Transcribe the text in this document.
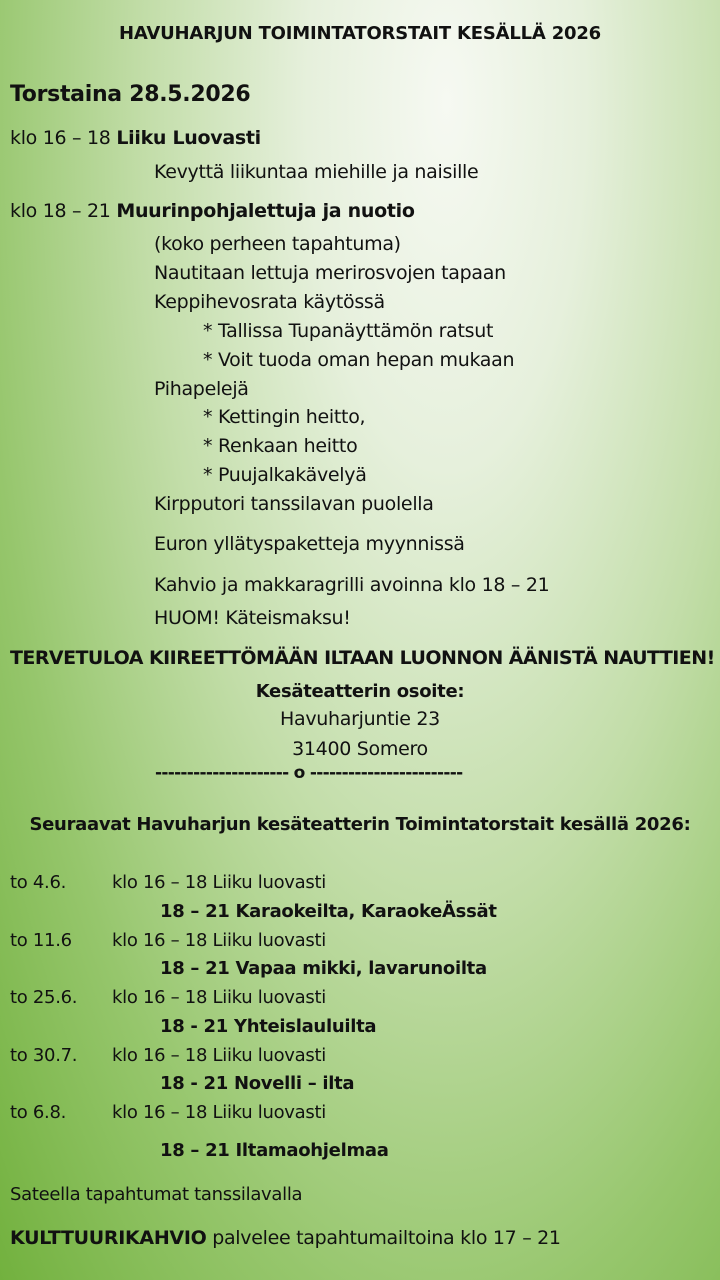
HAVUHARJUN TOIMINTATORSTAIT KESÄLLÄ 2026
Torstaina 28.5.2026
klo 16 – 18 Liiku Luovasti
Kevyttä liikuntaa miehille ja naisille
klo 18 – 21 Muurinpohjalettuja ja nuotio
(koko perheen tapahtuma)
Nautitaan lettuja merirosvojen tapaan
Keppihevosrata käytössä
* Tallissa Tupanäyttämön ratsut
* Voit tuoda oman hepan mukaan
Pihapelejä
* Kettingin heitto,
* Renkaan heitto
* Puujalkakävelyä
Kirpputori tanssilavan puolella
Euron yllätyspaketteja myynnissä
Kahvio ja makkaragrilli avoinna klo 18 – 21
HUOM! Käteismaksu!
TERVETULOA KIIREETTÖMÄÄN ILTAAN LUONNON ÄÄNISTÄ NAUTTIEN!
Kesäteatterin osoite:
Havuharjuntie 23
31400 Somero
--------------------- o ------------------------
Seuraavat Havuharjun kesäteatterin Toimintatorstait kesällä 2026:
to 4.6.	klo 16 – 18 Liiku luovasti
18 – 21 Karaokeilta, KaraokeÄssät
to 11.6 klo 16 – 18 Liiku luovasti
18 – 21 Vapaa mikki, lavarunoilta
to 25.6. klo 16 – 18 Liiku luovasti
18 - 21 Yhteislauluilta
to 30.7. klo 16 – 18 Liiku luovasti
18 - 21 Novelli – ilta
to 6.8.	klo 16 – 18 Liiku luovasti
18 – 21 Iltamaohjelmaa
Sateella tapahtumat tanssilavalla
KULTTUURIKAHVIO palvelee tapahtumailtoina klo 17 – 21
